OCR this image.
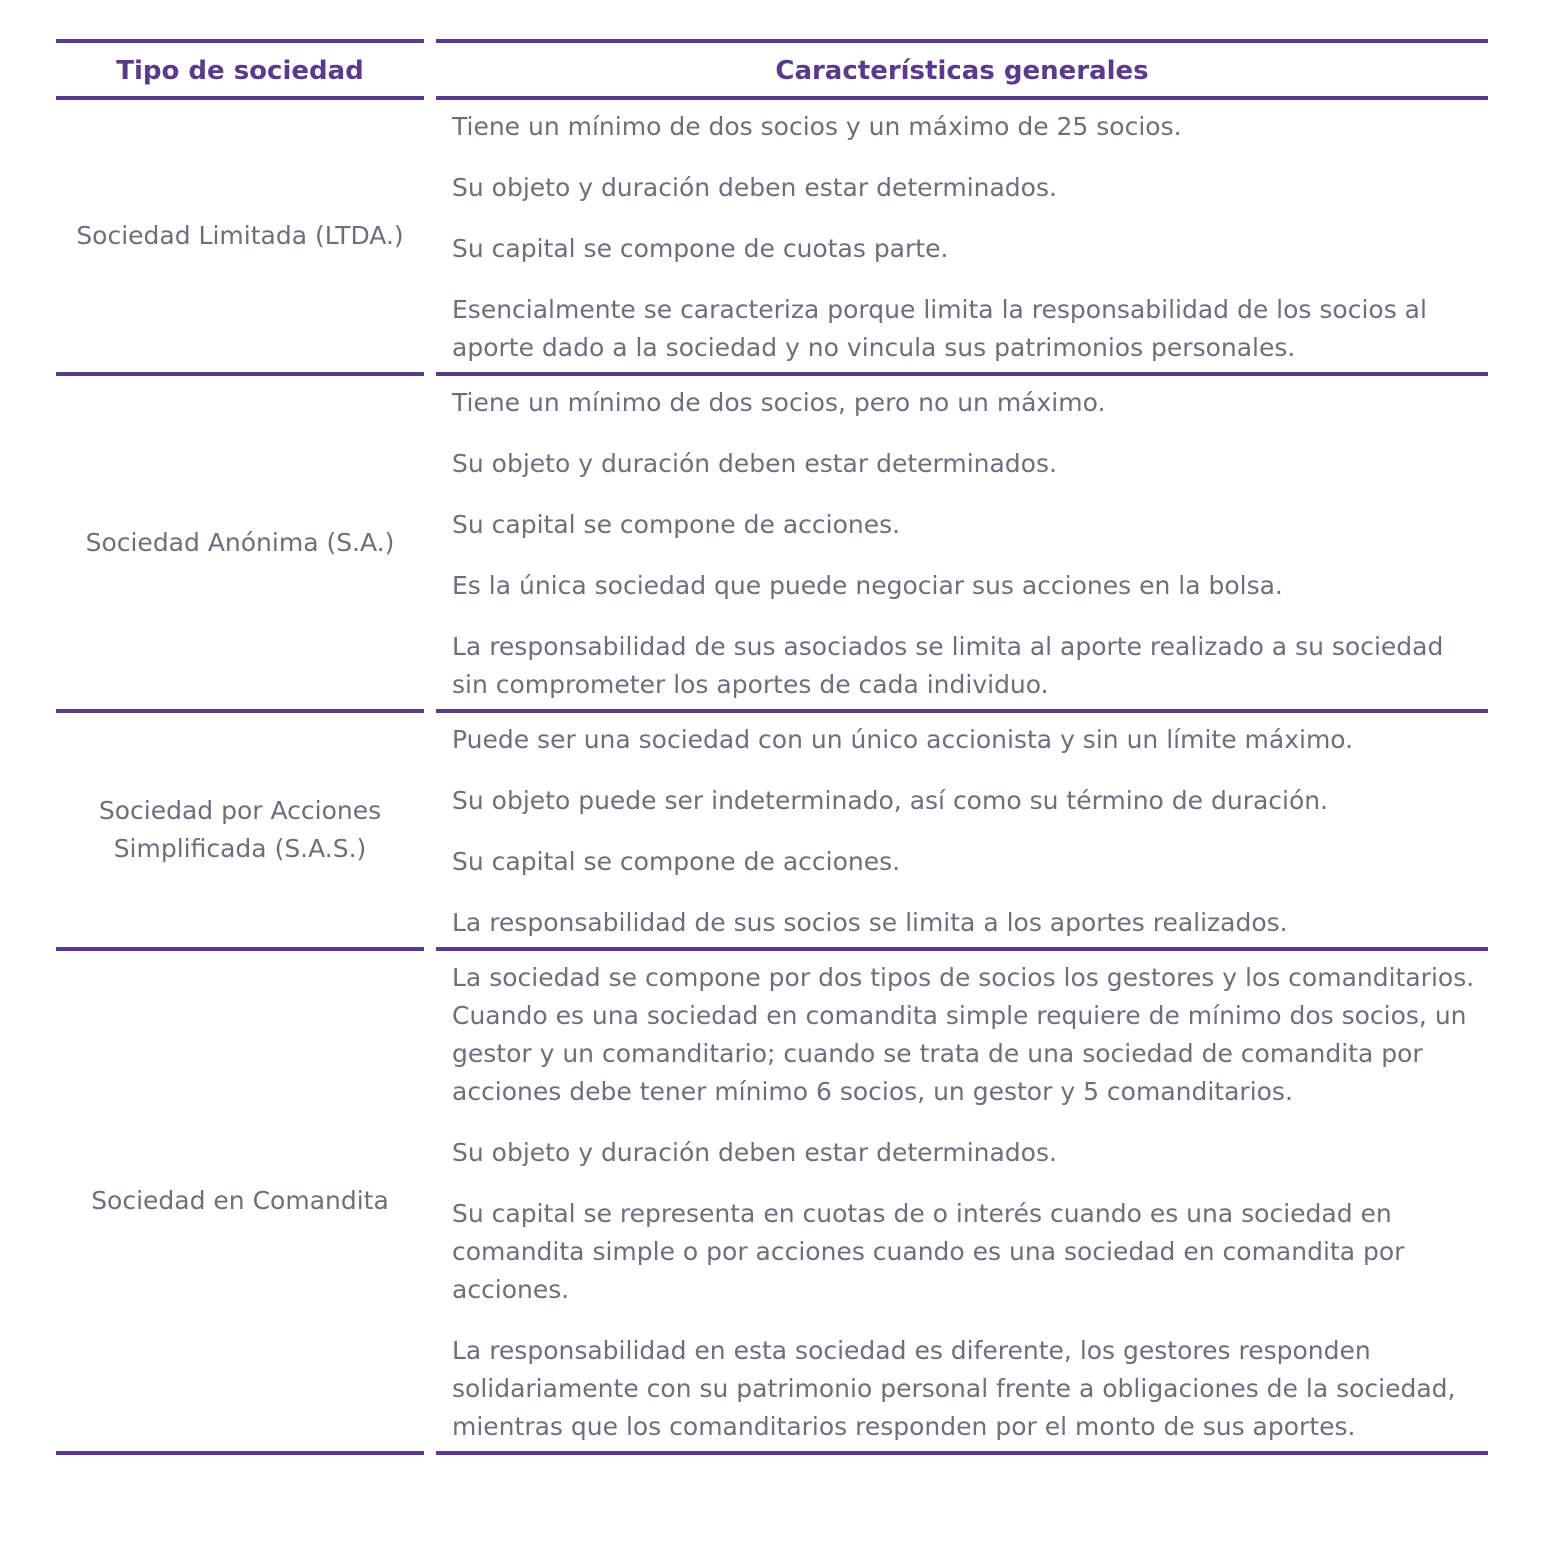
Tipo de sociedad	Características generales
Sociedad Limitada (LTDA.)

Tiene un mínimo de dos socios y un máximo de 25 socios.

Su objeto y duración deben estar determinados.

Su capital se compone de cuotas parte.

Esencialmente se caracteriza porque limita la responsabilidad de los socios al aporte dado a la sociedad y no vincula sus patrimonios personales.

Sociedad Anónima (S.A.)

Tiene un mínimo de dos socios, pero no un máximo.

Su objeto y duración deben estar determinados.

Su capital se compone de acciones.

Es la única sociedad que puede negociar sus acciones en la bolsa.

La responsabilidad de sus asociados se limita al aporte realizado a su sociedad sin comprometer los aportes de cada individuo.

Sociedad por Acciones Simplificada (S.A.S.)

Puede ser una sociedad con un único accionista y sin un límite máximo.

Su objeto puede ser indeterminado, así como su término de duración.

Su capital se compone de acciones.

La responsabilidad de sus socios se limita a los aportes realizados.

Sociedad en Comandita

La sociedad se compone por dos tipos de socios los gestores y los comanditarios. Cuando es una sociedad en comandita simple requiere de mínimo dos socios, un gestor y un comanditario; cuando se trata de una sociedad de comandita por acciones debe tener mínimo 6 socios, un gestor y 5 comanditarios.

Su objeto y duración deben estar determinados.

Su capital se representa en cuotas de o interés cuando es una sociedad en comandita simple o por acciones cuando es una sociedad en comandita por acciones.

La responsabilidad en esta sociedad es diferente, los gestores responden solidariamente con su patrimonio personal frente a obligaciones de la sociedad, mientras que los comanditarios responden por el monto de sus aportes.
